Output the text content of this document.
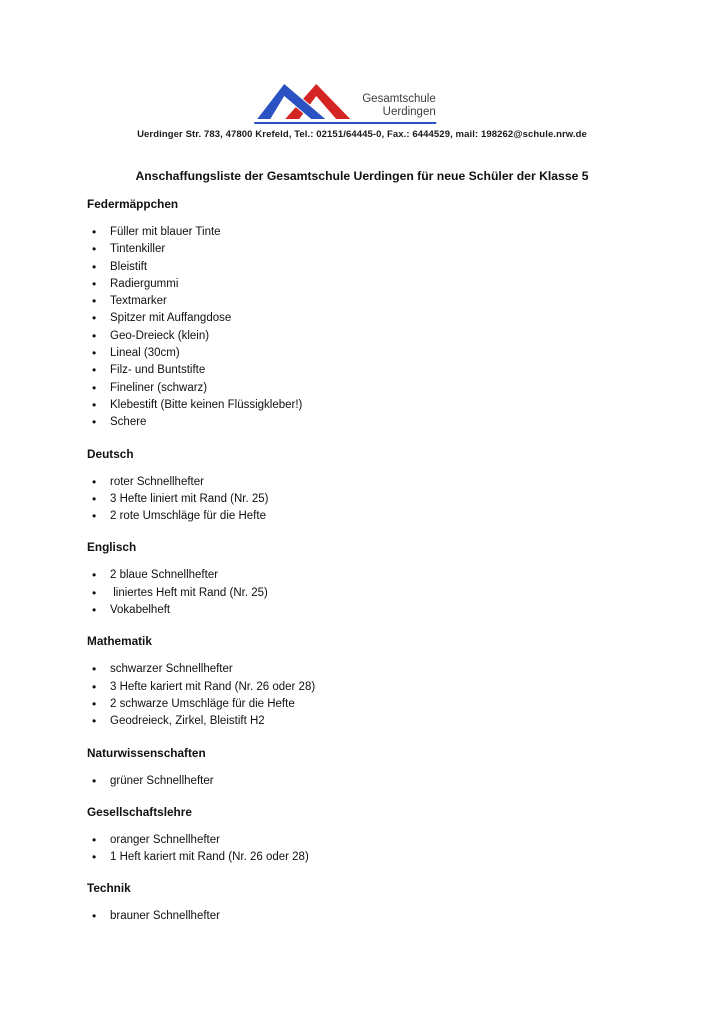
Gesamtschule
Uerdingen
Uerdinger Str. 783, 47800 Krefeld, Tel.: 02151/64445-0, Fax.: 6444529, mail: 198262@schule.nrw.de
Anschaffungsliste der Gesamtschule Uerdingen für neue Schüler der Klasse 5
Federmäppchen
• Füller mit blauer Tinte
• Tintenkiller
• Bleistift
• Radiergummi
• Textmarker
• Spitzer mit Auffangdose
• Geo-Dreieck (klein)
• Lineal (30cm)
• Filz- und Buntstifte
• Fineliner (schwarz)
• Klebestift (Bitte keinen Flüssigkleber!)
• Schere
Deutsch
• roter Schnellhefter
• 3 Hefte liniert mit Rand (Nr. 25)
• 2 rote Umschläge für die Hefte
Englisch
• 2 blaue Schnellhefter
•  liniertes Heft mit Rand (Nr. 25)
• Vokabelheft
Mathematik
• schwarzer Schnellhefter
• 3 Hefte kariert mit Rand (Nr. 26 oder 28)
• 2 schwarze Umschläge für die Hefte
• Geodreieck, Zirkel, Bleistift H2
Naturwissenschaften
• grüner Schnellhefter
Gesellschaftslehre
• oranger Schnellhefter
• 1 Heft kariert mit Rand (Nr. 26 oder 28)
Technik
• brauner Schnellhefter
